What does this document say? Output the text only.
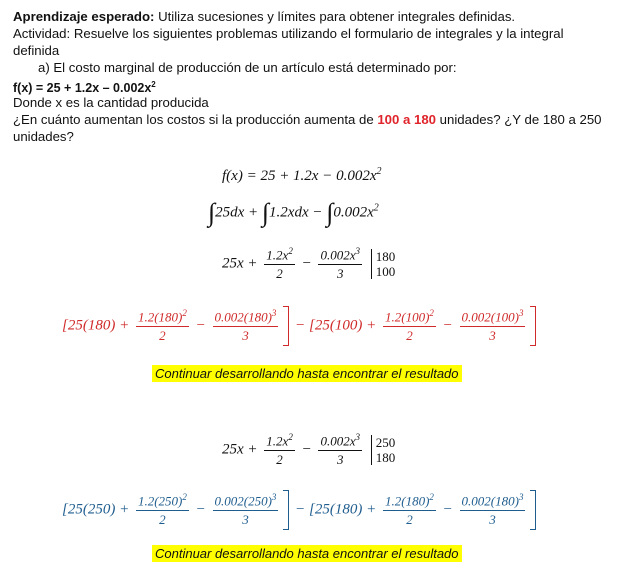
Aprendizaje esperado: Utiliza sucesiones y límites para obtener integrales definidas.
Actividad: Resuelve los siguientes problemas utilizando el formulario de integrales y la integral
definida
a) El costo marginal de producción de un artículo está determinado por:
$f(x) = 25 + 1.2x - 0.002x^2$
Donde x es la cantidad producida
¿En cuánto aumentan los costos si la producción aumenta de 100 a 180 unidades? ¿Y de 180 a 250
unidades?
$f(x) = 25 + 1.2x - 0.002x^2$
$\int 25dx + \int 1.2xdx - \int 0.002x^2$
$25x + \frac{1.2x^2}{2} - \frac{0.002x^3}{3}$
180
100
[$25(180) + \frac{1.2(180)^2}{2} - \frac{0.002(180)^3}{3} - [25(100) + \frac{1.2(100)^2}{2} - \frac{0.002(100)^3}{3}$
Continuar desarrollando hasta encontrar el resultado
$25x + \frac{1.2x^2}{2} - \frac{0.002x^3}{3}$
250
180
[$25(250) + \frac{1.2(250)^2}{2} - \frac{0.002(250)^3}{3} - [25(180) + \frac{1.2(180)^2}{2} - \frac{0.002(180)^3}{3}$
Continuar desarrollando hasta encontrar el resultado
